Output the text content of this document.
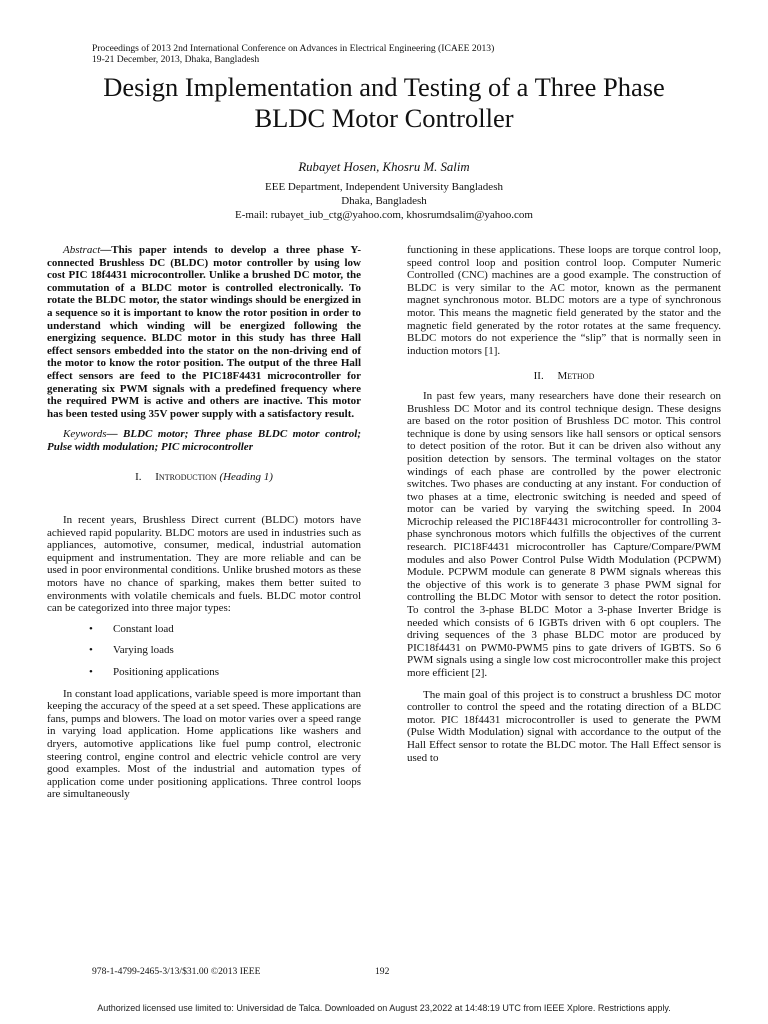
Proceedings of 2013 2nd International Conference on Advances in Electrical Engineering (ICAEE 2013)
19-21 December, 2013, Dhaka, Bangladesh
Design Implementation and Testing of a Three Phase
BLDC Motor Controller
Rubayet Hosen, Khosru M. Salim
EEE Department, Independent University Bangladesh
Dhaka, Bangladesh
E-mail: rubayet_iub_ctg@yahoo.com, khosrumdsalim@yahoo.com

Abstract—This paper intends to develop a three phase Y-connected Brushless DC (BLDC) motor controller by using low cost PIC 18f4431 microcontroller. Unlike a brushed DC motor, the commutation of a BLDC motor is controlled electronically. To rotate the BLDC motor, the stator windings should be energized in a sequence so it is important to know the rotor position in order to understand which winding will be energized following the energizing sequence. BLDC motor in this study has three Hall effect sensors embedded into the stator on the non-driving end of the motor to know the rotor position. The output of the three Hall effect sensors are feed to the PIC18F4431 microcontroller for generating six PWM signals with a predefined frequency where the required PWM is active and others are inactive. This motor has been tested using 35V power supply with a satisfactory result.

Keywords— BLDC motor; Three phase BLDC motor control; Pulse width modulation; PIC microcontroller

I. Introduction (Heading 1)

In recent years, Brushless Direct current (BLDC) motors have achieved rapid popularity. BLDC motors are used in industries such as appliances, automotive, consumer, medical, industrial automation equipment and instrumentation. They are more reliable and can be used in poor environmental conditions. Unlike brushed motors as these motors have no chance of sparking, makes them better suited to environments with volatile chemicals and fuels. BLDC motor control can be categorized into three major types:

• Constant load
• Varying loads
• Positioning applications

In constant load applications, variable speed is more important than keeping the accuracy of the speed at a set speed. These applications are fans, pumps and blowers. The load on motor varies over a speed range in varying load application. Home applications like washers and dryers, automotive applications like fuel pump control, electronic steering control, engine control and electric vehicle control are very good examples. Most of the industrial and automation types of application come under positioning applications. Three control loops are simultaneously

functioning in these applications. These loops are torque control loop, speed control loop and position control loop. Computer Numeric Controlled (CNC) machines are a good example. The construction of BLDC is very similar to the AC motor, known as the permanent magnet synchronous motor. BLDC motors are a type of synchronous motor. This means the magnetic field generated by the stator and the magnetic field generated by the rotor rotates at the same frequency. BLDC motors do not experience the “slip” that is normally seen in induction motors [1].

II. Method

In past few years, many researchers have done their research on Brushless DC Motor and its control technique design. These designs are based on the rotor position of Brushless DC motor. This control technique is done by using sensors like hall sensors or optical sensors to detect position of the rotor. But it can be driven also without any position detection by sensors. The terminal voltages on the stator windings of each phase are controlled by the power electronic switches. Two phases are conducting at any instant. For conduction of two phases at a time, electronic switching is needed and speed of motor can be varied by varying the switching speed. In 2004 Microchip released the PIC18F4431 microcontroller for controlling 3-phase synchronous motors which fulfills the objectives of the current research. PIC18F4431 microcontroller has Capture/Compare/PWM modules and also Power Control Pulse Width Modulation (PCPWM) Module. PCPWM module can generate 8 PWM signals whereas this the objective of this work is to generate 3 phase PWM signal for controlling the BLDC Motor with sensor to detect the rotor position. To control the 3-phase BLDC Motor a 3-phase Inverter Bridge is needed which consists of 6 IGBTs driven with 6 opt couplers. The driving sequences of the 3 phase BLDC motor are produced by PIC18f4431 on PWM0-PWM5 pins to gate drivers of IGBTS. So 6 PWM signals using a single low cost microcontroller make this project more efficient [2].

The main goal of this project is to construct a brushless DC motor controller to control the speed and the rotating direction of a BLDC motor. PIC 18f4431 microcontroller is used to generate the PWM (Pulse Width Modulation) signal with accordance to the output of the Hall Effect sensor to rotate the BLDC motor. The Hall Effect sensor is used to

978-1-4799-2465-3/13/$31.00 ©2013 IEEE	192
Authorized licensed use limited to: Universidad de Talca. Downloaded on August 23,2022 at 14:48:19 UTC from IEEE Xplore. Restrictions apply.
